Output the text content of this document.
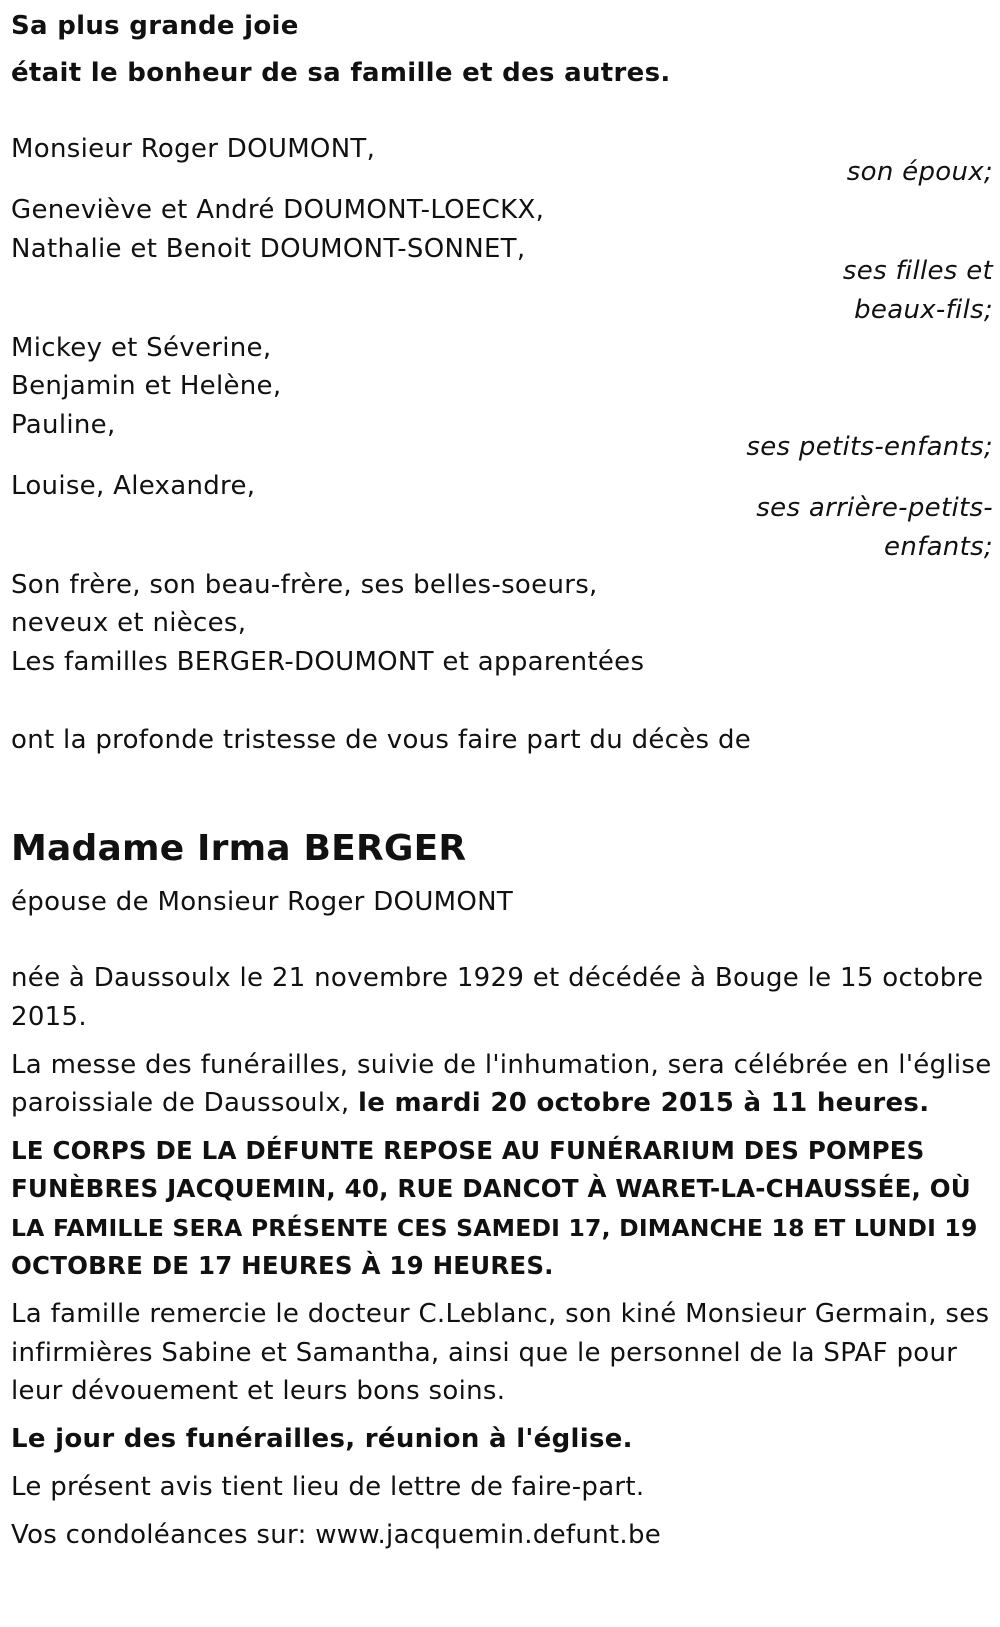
Sa plus grande joie
était le bonheur de sa famille et des autres.
Monsieur Roger DOUMONT,
son époux;
Geneviève et André DOUMONT-LOECKX,
Nathalie et Benoit DOUMONT-SONNET,
ses filles et
beaux-fils;
Mickey et Séverine,
Benjamin et Helène,
Pauline,
ses petits-enfants;
Louise, Alexandre,
ses arrière-petits-
enfants;
Son frère, son beau-frère, ses belles-soeurs,
neveux et nièces,
Les familles BERGER-DOUMONT et apparentées
ont la profonde tristesse de vous faire part du décès de
Madame Irma BERGER
épouse de Monsieur Roger DOUMONT
née à Daussoulx le 21 novembre 1929 et décédée à Bouge le 15 octobre
2015.
La messe des funérailles, suivie de l'inhumation, sera célébrée en l'église
paroissiale de Daussoulx, le mardi 20 octobre 2015 à 11 heures.
LE CORPS DE LA DÉFUNTE REPOSE AU FUNÉRARIUM DES POMPES
FUNÈBRES JACQUEMIN, 40, RUE DANCOT À WARET-LA-CHAUSSÉE, OÙ
LA FAMILLE SERA PRÉSENTE CES SAMEDI 17, DIMANCHE 18 ET LUNDI 19
OCTOBRE DE 17 HEURES À 19 HEURES.
La famille remercie le docteur C.Leblanc, son kiné Monsieur Germain, ses
infirmières Sabine et Samantha, ainsi que le personnel de la SPAF pour
leur dévouement et leurs bons soins.
Le jour des funérailles, réunion à l'église.
Le présent avis tient lieu de lettre de faire-part.
Vos condoléances sur: www.jacquemin.defunt.be
